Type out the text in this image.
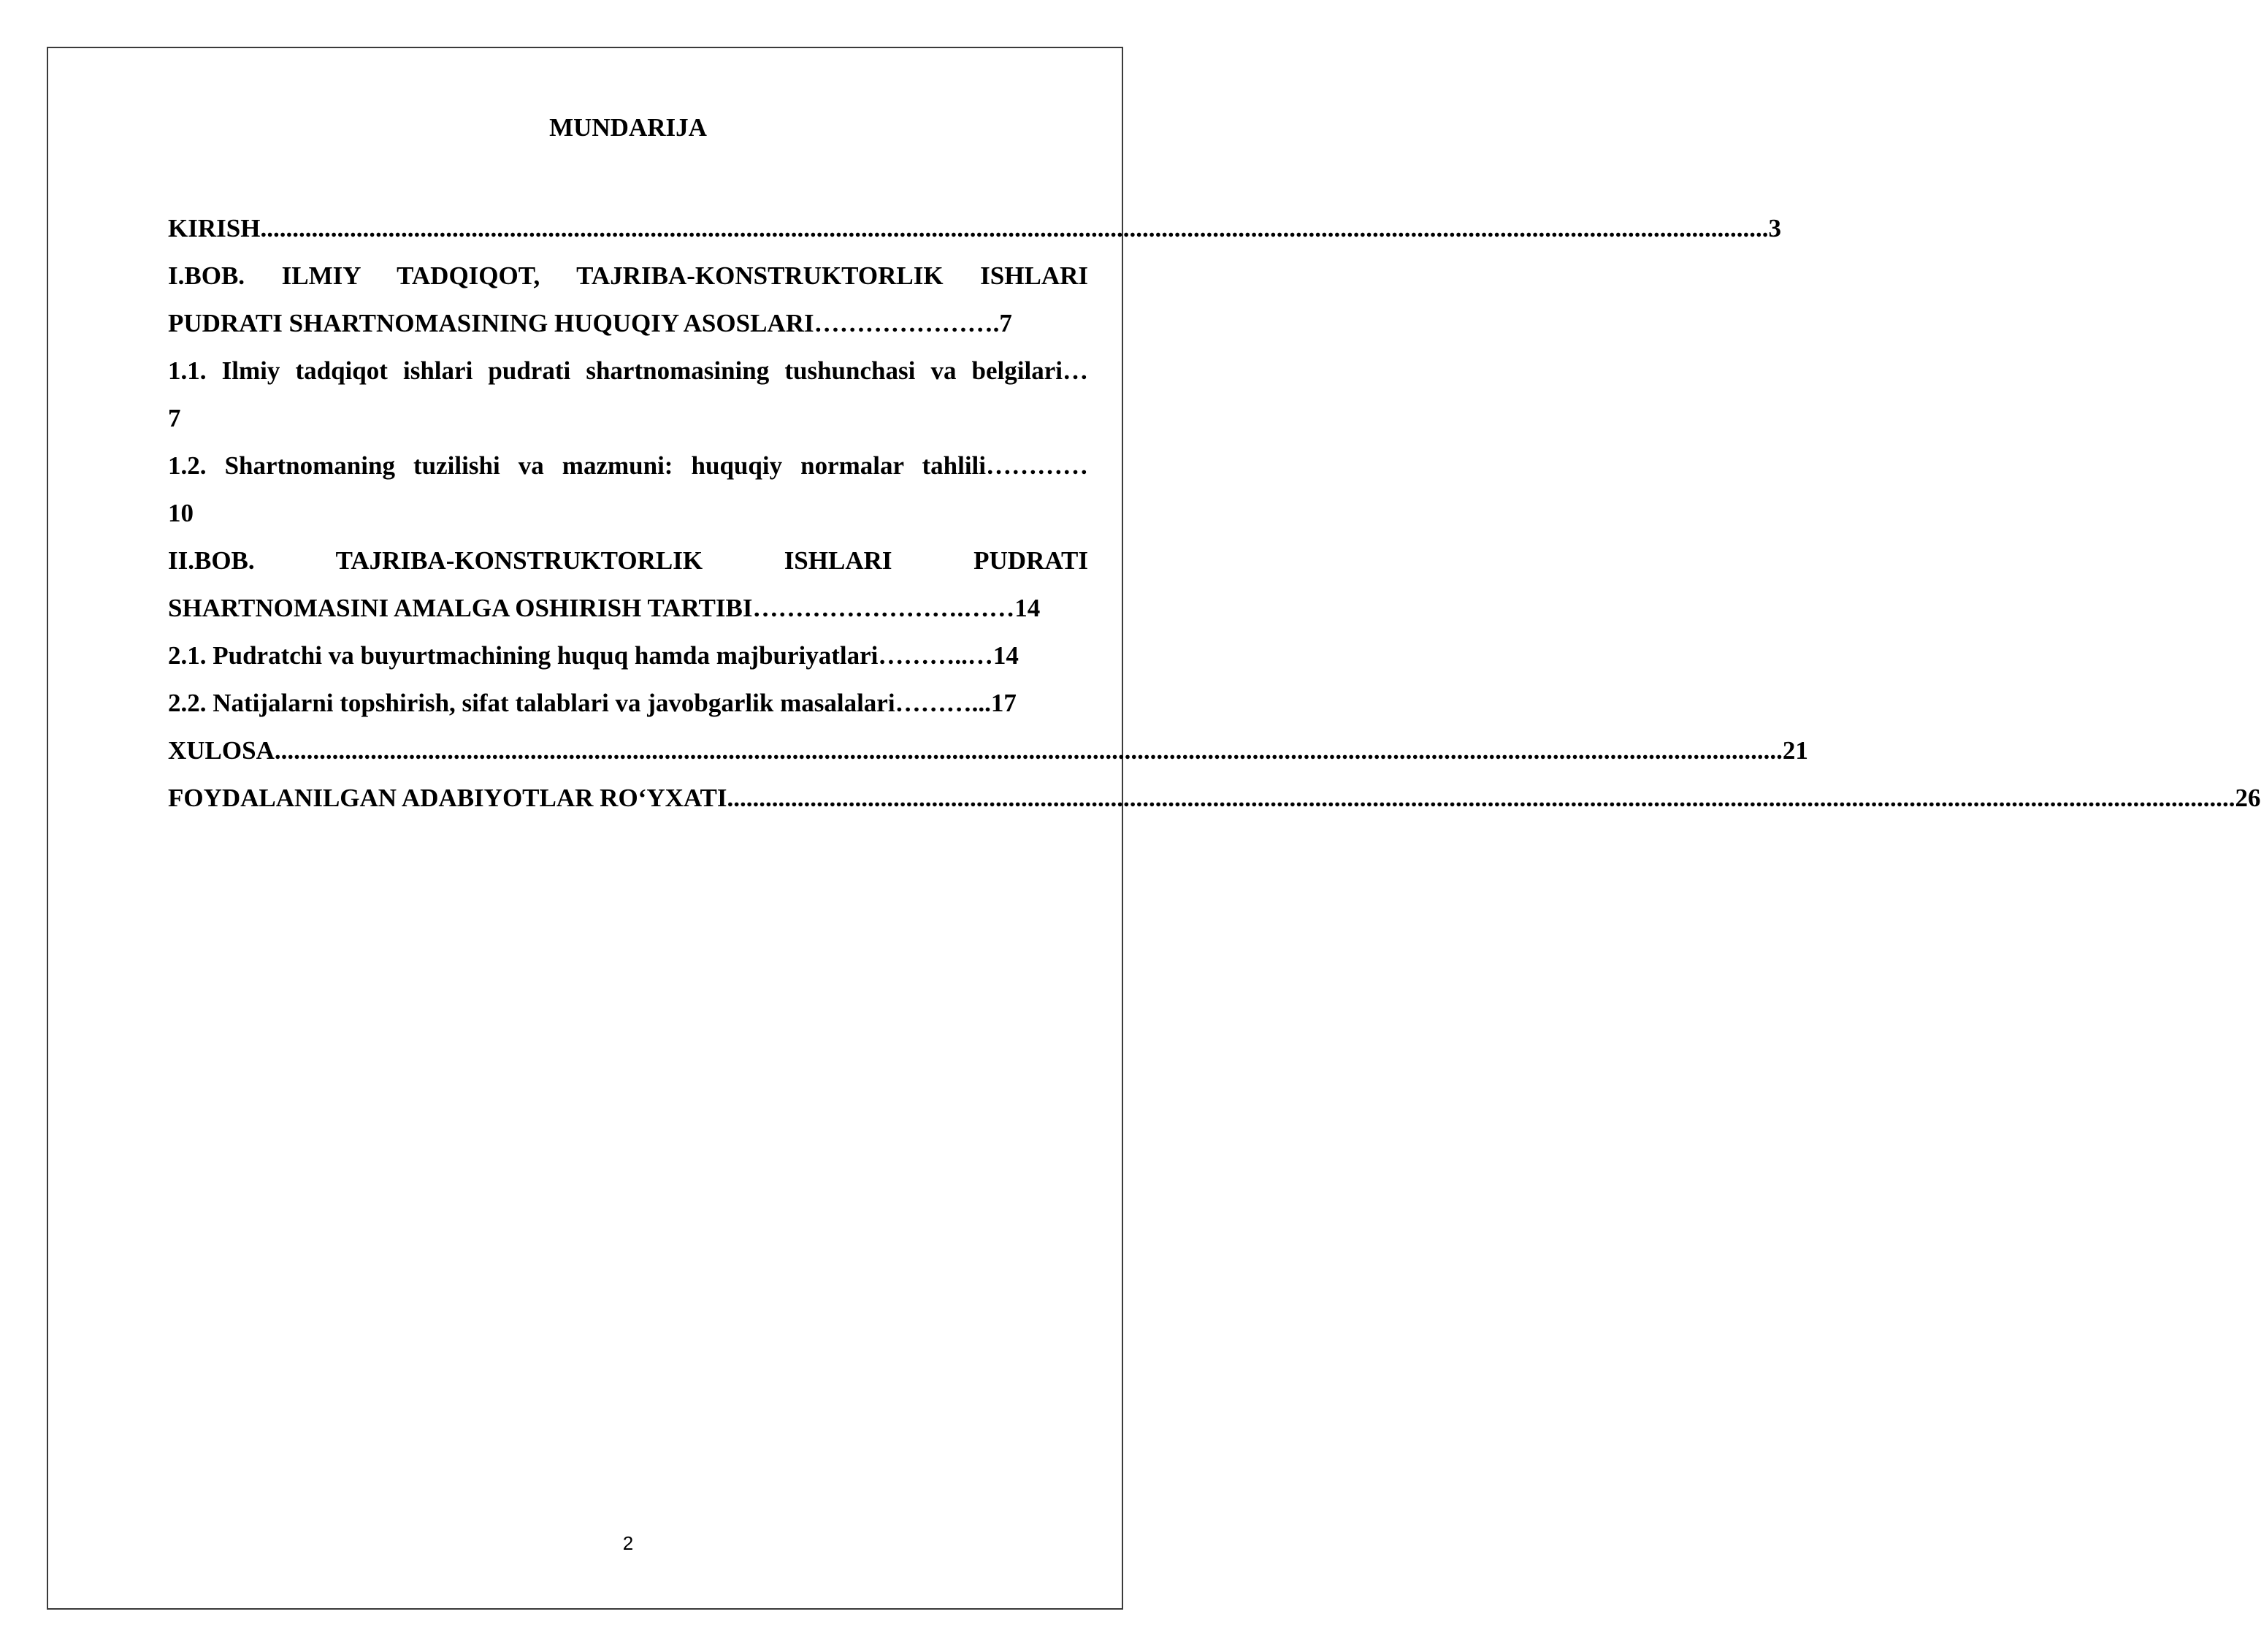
MUNDARIJA
KIRISH ............................................................................................................................................................................................................................................ 3
I.BOB. ILMIY TADQIQOT, TAJRIBA-KONSTRUKTORLIK ISHLARI
PUDRATI SHARTNOMASINING HUQUQIY ASOSLARI………………….7
1.1. Ilmiy tadqiqot ishlari pudrati shartnomasining tushunchasi va belgilari…
7
1.2. Shartnomaning tuzilishi va mazmuni: huquqiy normalar tahlili…………
10
II.BOB. TAJRIBA-KONSTRUKTORLIK ISHLARI PUDRATI
SHARTNOMASINI AMALGA OSHIRISH TARTIBI…………………….……14
2.1. Pudratchi va buyurtmachining huquq hamda majburiyatlari………..…14
2.2. Natijalarni topshirish, sifat talablari va javobgarlik masalalari………...17
XULOSA ............................................................................................................................................................................................................................................ 21
FOYDALANILGAN ADABIYOTLAR RO‘YXATI ............................................................................................................................................................................................................................................ 26
2
